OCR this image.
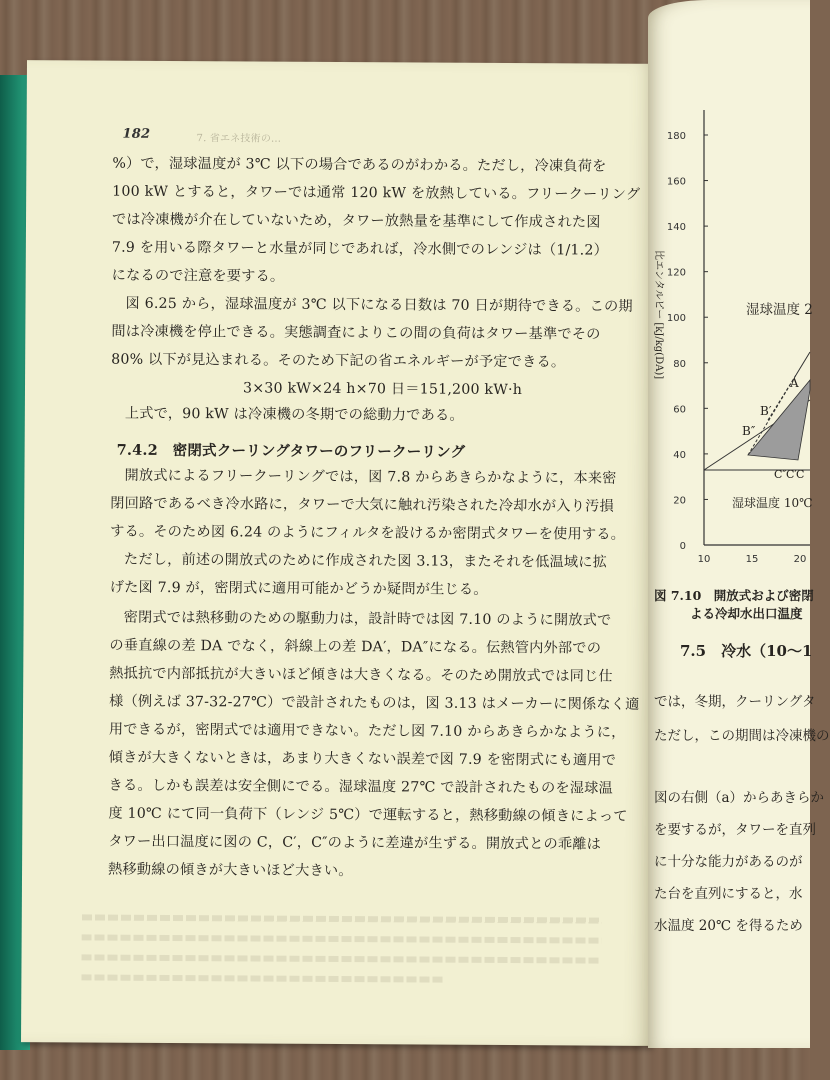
182	7. 省エネ技術の...
%）で，湿球温度が 3℃ 以下の場合であるのがわかる。ただし，冷凍負荷を
100 kW とすると，タワーでは通常 120 kW を放熱している。フリークーリング
では冷凍機が介在していないため，タワー放熱量を基準にして作成された図
7.9 を用いる際タワーと水量が同じであれば，冷水側でのレンジは（1/1.2）
になるので注意を要する。
図 6.25 から，湿球温度が 3℃ 以下になる日数は 70 日が期待できる。この期
間は冷凍機を停止できる。実態調査によりこの間の負荷はタワー基準でその
80% 以下が見込まれる。そのため下記の省エネルギーが予定できる。
3×30 kW×24 h×70 日＝151,200 kW·h
上式で，90 kW は冷凍機の冬期での総動力である。
7.4.2　密閉式クーリングタワーのフリークーリング
開放式によるフリークーリングでは，図 7.8 からあきらかなように，本来密
閉回路であるべき冷水路に，タワーで大気に触れ汚染された冷却水が入り汚損
する。そのため図 6.24 のようにフィルタを設けるか密閉式タワーを使用する。
ただし，前述の開放式のために作成された図 3.13，またそれを低温域に拡
げた図 7.9 が，密閉式に適用可能かどうか疑問が生じる。
密閉式では熱移動のための駆動力は，設計時では図 7.10 のように開放式で
の垂直線の差 DA でなく，斜線上の差 DA′，DA″になる。伝熱管内外部での
熱抵抗で内部抵抗が大きいほど傾きは大きくなる。そのため開放式では同じ仕
様（例えば 37-32-27℃）で設計されたものは，図 3.13 はメーカーに関係なく適
用できるが，密閉式では適用できない。ただし図 7.10 からあきらかなように，
傾きが大きくないときは，あまり大きくない誤差で図 7.9 を密閉式にも適用で
きる。しかも誤差は安全側にでる。湿球温度 27℃ で設計されたものを湿球温
度 10℃ にて同一負荷下（レンジ 5℃）で運転すると，熱移動線の傾きによって
タワー出口温度に図の C，C′，C″のように差違が生ずる。開放式との乖離は
熱移動線の傾きが大きいほど大きい。
180
160
140
120
100
80
60
40
20
0
10	15	20
比エンタルピー [kJ/kg(DA)]	湿球温度 2
湿球温度 10℃
A
B′
B″
C″ C′ C
図 7.10　開放式および密閉
よる冷却水出口温度
7.5　冷水（10〜1
では，冬期，クーリングタ
ただし，この期間は冷凍機の
図の右側（a）からあきらか
を要するが，タワーを直列
に十分な能力があるのが
た台を直列にすると，水
水温度 20℃ を得るため
